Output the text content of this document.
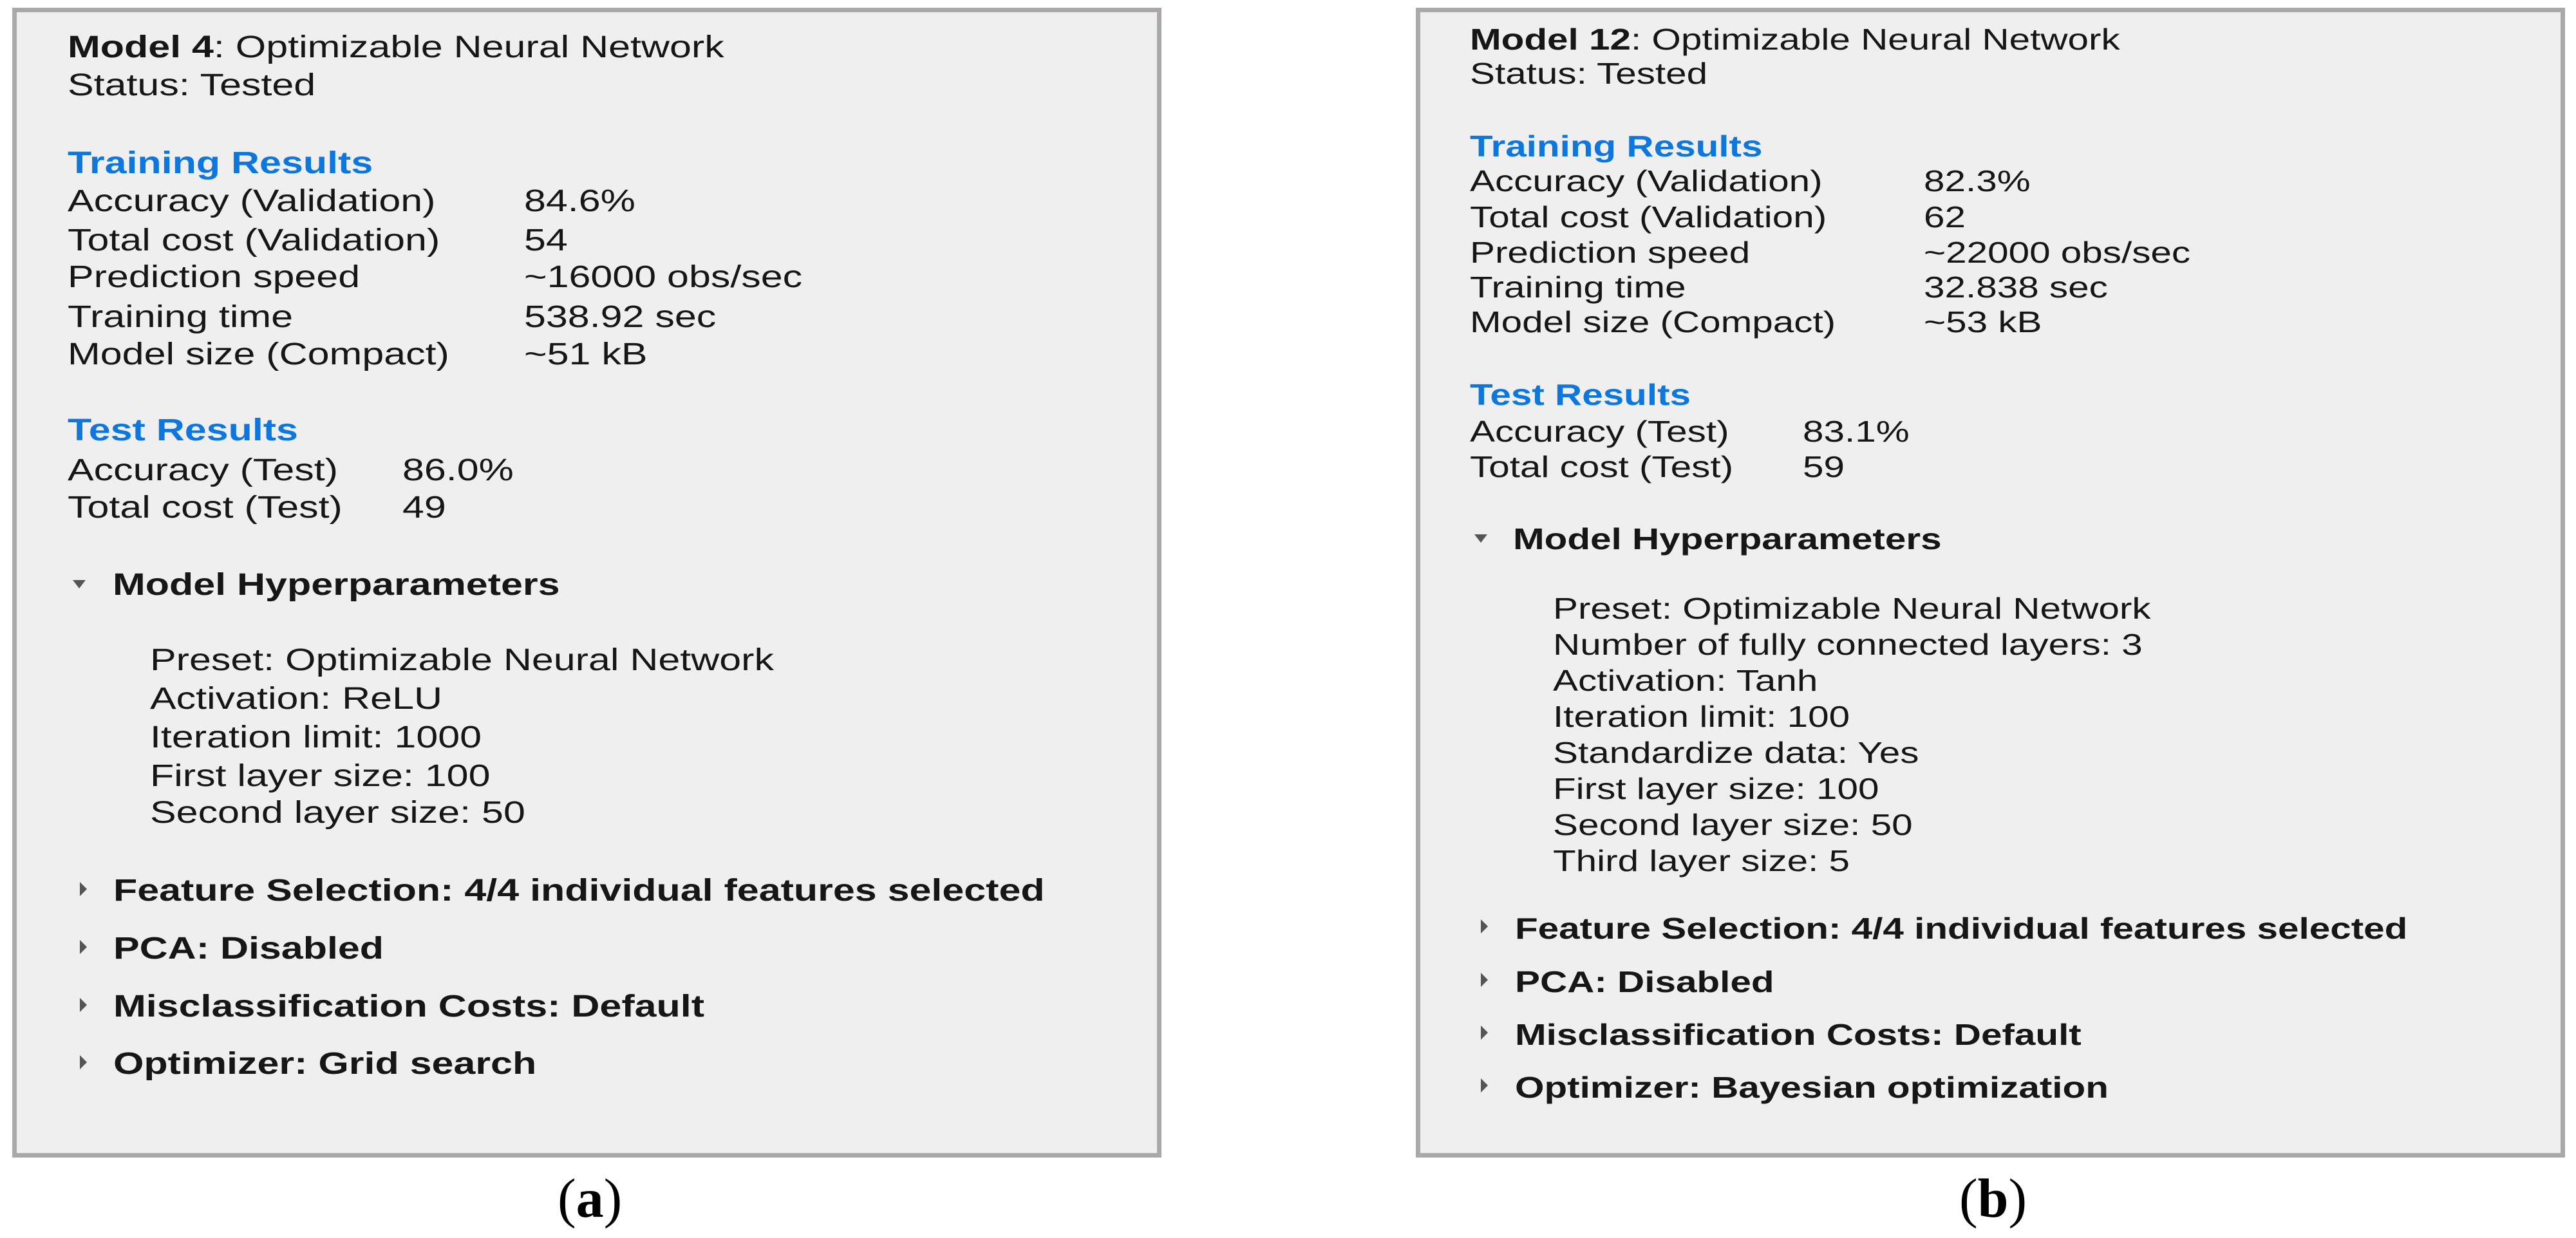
Model 4: Optimizable Neural Network
Status: Tested
Training Results
Accuracy (Validation)	84.6%
Total cost (Validation)	54
Prediction speed	~16000 obs/sec
Training time	538.92 sec
Model size (Compact) ~51 kB
Test Results
Accuracy (Test) 86.0%
Total cost (Test) 49
Model Hyperparameters
Preset: Optimizable Neural Network
Activation: ReLU
Iteration limit: 1000
First layer size: 100
Second layer size: 50
Feature Selection: 4/4 individual features selected
PCA: Disabled
Misclassification Costs: Default
Optimizer: Grid search
Model 12: Optimizable Neural Network
Status: Tested
Training Results
Accuracy (Validation)	82.3%
Total cost (Validation)	62
Prediction speed	~22000 obs/sec
Training time	32.838 sec
Model size (Compact)	~53 kB
Test Results
Accuracy (Test) 83.1%
Total cost (Test) 59
Model Hyperparameters
Preset: Optimizable Neural Network
Number of fully connected layers: 3
Activation: Tanh
Iteration limit: 100
Standardize data: Yes
First layer size: 100
Second layer size: 50
Third layer size: 5
Feature Selection: 4/4 individual features selected
PCA: Disabled
Misclassification Costs: Default
Optimizer: Bayesian optimization
(a)	(b)
